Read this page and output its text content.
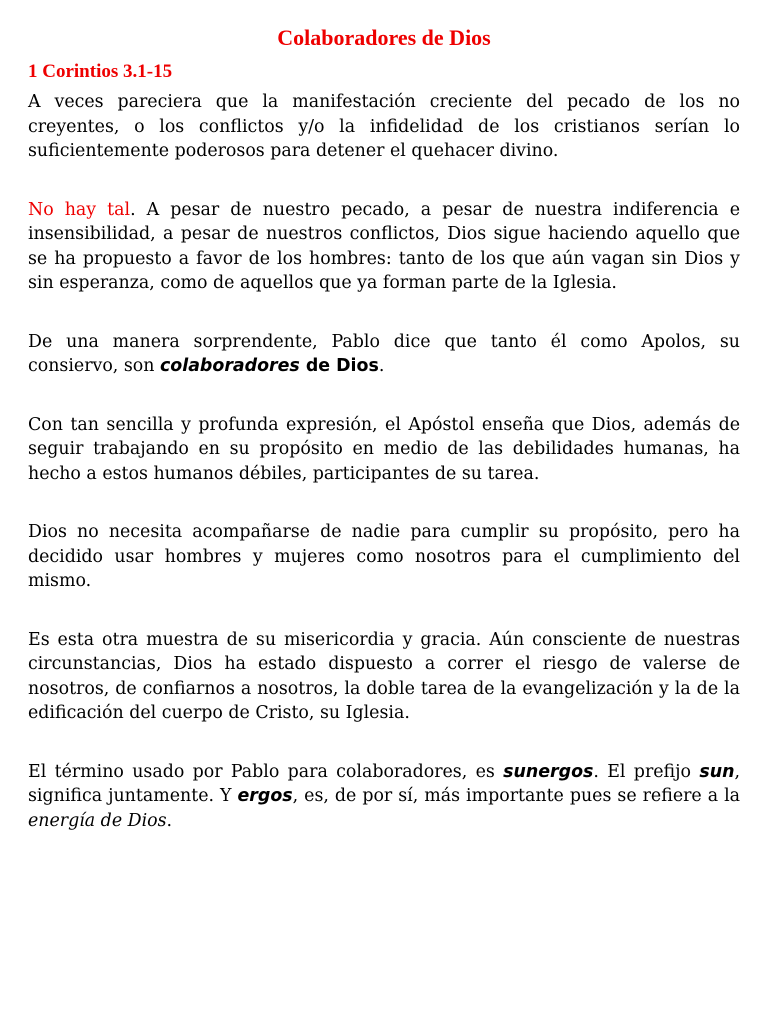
Colaboradores de Dios
1 Corintios 3.1-15

A veces pareciera que la manifestación creciente del pecado de los no creyentes, o los conflictos y/o la infidelidad de los cristianos serían lo suficientemente poderosos para detener el quehacer divino.

No hay tal. A pesar de nuestro pecado, a pesar de nuestra indiferencia e insensibilidad, a pesar de nuestros conflictos, Dios sigue haciendo aquello que se ha propuesto a favor de los hombres: tanto de los que aún vagan sin Dios y sin esperanza, como de aquellos que ya forman parte de la Iglesia.

De una manera sorprendente, Pablo dice que tanto él como Apolos, su consiervo, son colaboradores de Dios.

Con tan sencilla y profunda expresión, el Apóstol enseña que Dios, además de seguir trabajando en su propósito en medio de las debilidades humanas, ha hecho a estos humanos débiles, participantes de su tarea.

Dios no necesita acompañarse de nadie para cumplir su propósito, pero ha decidido usar hombres y mujeres como nosotros para el cumplimiento del mismo.

Es esta otra muestra de su misericordia y gracia. Aún consciente de nuestras circunstancias, Dios ha estado dispuesto a correr el riesgo de valerse de nosotros, de confiarnos a nosotros, la doble tarea de la evangelización y la de la edificación del cuerpo de Cristo, su Iglesia.

El término usado por Pablo para colaboradores, es sunergos. El prefijo sun, significa juntamente. Y ergos, es, de por sí, más importante pues se refiere a la energía de Dios.
